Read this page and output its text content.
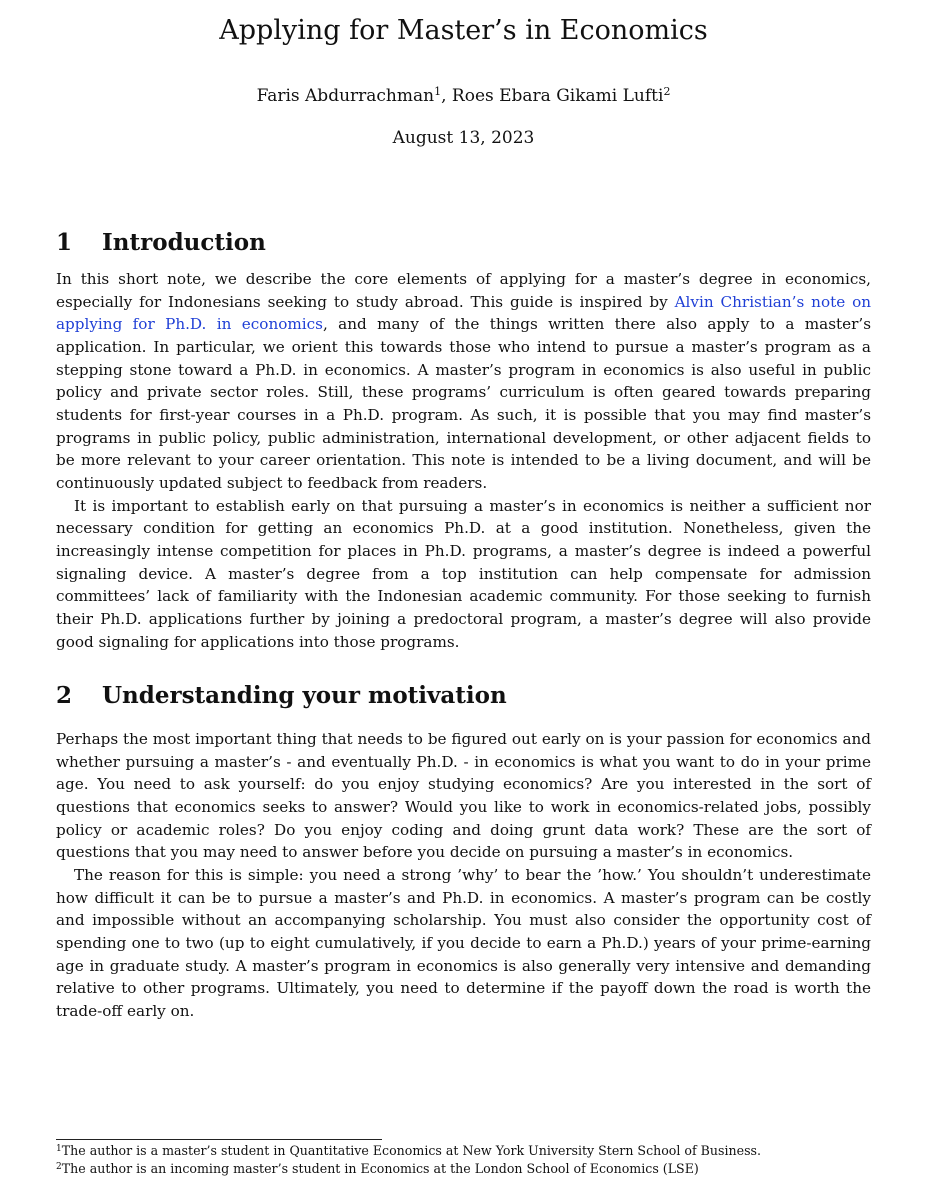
Applying for Master’s in Economics
Faris Abdurrachman$^1$, Roes Ebara Gikami Lufti$^2$
August 13, 2023
1 Introduction

In this short note, we describe the core elements of applying for a master’s degree in economics, especially for Indonesians seeking to study abroad. This guide is inspired by Alvin Christian’s note on applying for Ph.D. in economics, and many of the things written there also apply to a master’s application. In particular, we orient this towards those who intend to pursue a master’s program as a stepping stone toward a Ph.D. in economics. A master’s program in economics is also useful in public policy and private sector roles. Still, these programs’ curriculum is often geared towards preparing students for first-year courses in a Ph.D. program. As such, it is possible that you may find master’s programs in public policy, public administration, international development, or other adjacent fields to be more relevant to your career orientation. This note is intended to be a living document, and will be continuously updated subject to feedback from readers.

It is important to establish early on that pursuing a master’s in economics is neither a sufficient nor necessary condition for getting an economics Ph.D. at a good institution. Nonetheless, given the increasingly intense competition for places in Ph.D. programs, a master’s degree is indeed a powerful signaling device. A master’s degree from a top institution can help compensate for admission committees’ lack of familiarity with the Indonesian academic community. For those seeking to furnish their Ph.D. applications further by joining a predoctoral program, a master’s degree will also provide good signaling for applications into those programs.

2 Understanding your motivation

Perhaps the most important thing that needs to be figured out early on is your passion for economics and whether pursuing a master’s - and eventually Ph.D. - in economics is what you want to do in your prime age. You need to ask yourself: do you enjoy studying economics? Are you interested in the sort of questions that economics seeks to answer? Would you like to work in economics-related jobs, possibly policy or academic roles? Do you enjoy coding and doing grunt data work? These are the sort of questions that you may need to answer before you decide on pursuing a master’s in economics.

The reason for this is simple: you need a strong ’why’ to bear the ’how.’ You shouldn’t underestimate how difficult it can be to pursue a master’s and Ph.D. in economics. A master’s program can be costly and impossible without an accompanying scholarship. You must also consider the opportunity cost of spending one to two (up to eight cumulatively, if you decide to earn a Ph.D.) years of your prime-earning age in graduate study. A master’s program in economics is also generally very intensive and demanding relative to other programs. Ultimately, you need to determine if the payoff down the road is worth the trade-off early on.

$^1$The author is a master’s student in Quantitative Economics at New York University Stern School of Business.
$^2$The author is an incoming master’s student in Economics at the London School of Economics (LSE)
